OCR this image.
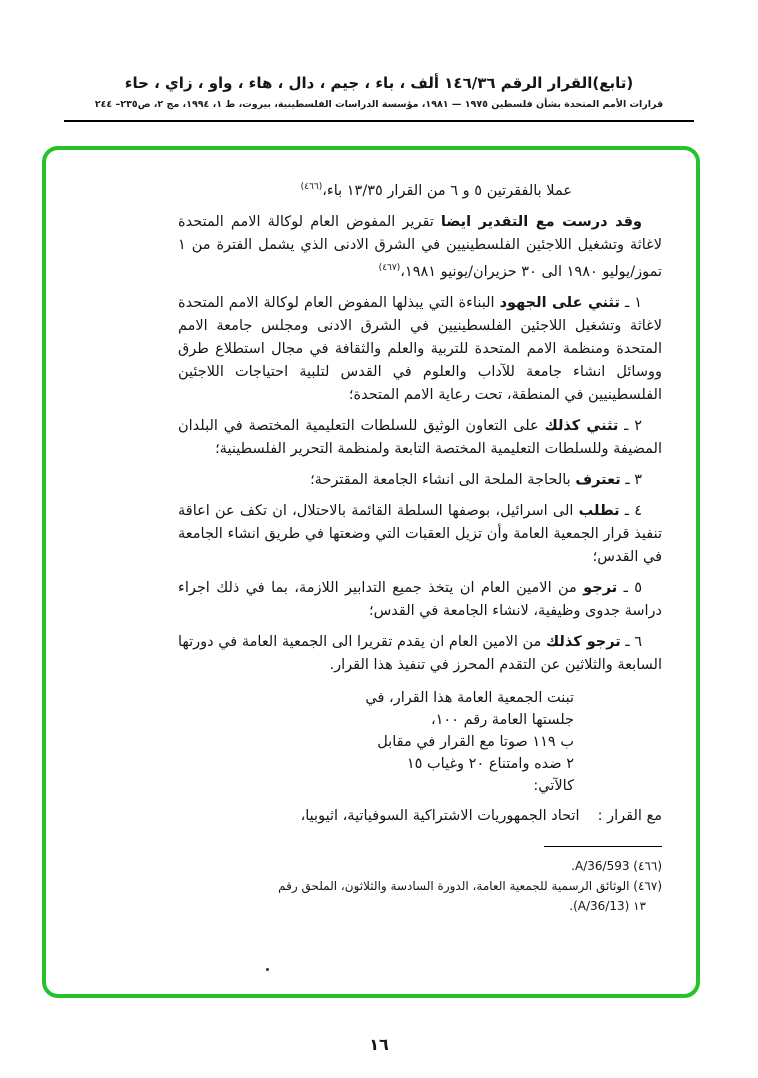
(تابع)القرار الرقم ١٤٦/٣٦ ألف ، باء ، جيم ، دال ، هاء ، واو ، زاي ، حاء
قرارات الأمم المتحدة بشأن فلسطين ١٩٧٥ — ١٩٨١، مؤسسة الدراسات الفلسطينية، بيروت، ط ١، ١٩٩٤، مج ٢، ص٢٣٥– ٢٤٤

عملا بالفقرتين ٥ و ٦ من القرار ١٣/٣٥ باء،$^{(٤٦٦)}$

وقد درست مع التقدير ايضا تقرير المفوض العام لوكالة الامم المتحدة لاغاثة وتشغيل اللاجئين الفلسطينيين في الشرق الادنى الذي يشمل الفترة من ١ تموز/يوليو ١٩٨٠ الى ٣٠ حزيران/يونيو ١٩٨١،$^{(٤٦٧)}$

١ ـ تثني على الجهود البناءة التي يبذلها المفوض العام لوكالة الامم المتحدة لاغاثة وتشغيل اللاجئين الفلسطينيين في الشرق الادنى ومجلس جامعة الامم المتحدة ومنظمة الامم المتحدة للتربية والعلم والثقافة في مجال استطلاع طرق ووسائل انشاء جامعة للآداب والعلوم في القدس لتلبية احتياجات اللاجئين الفلسطينيين في المنطقة، تحت رعاية الامم المتحدة؛

٢ ـ تثني كذلك على التعاون الوثيق للسلطات التعليمية المختصة في البلدان المضيفة وللسلطات التعليمية المختصة التابعة ولمنظمة التحرير الفلسطينية؛

٣ ـ تعترف بالحاجة الملحة الى انشاء الجامعة المقترحة؛

٤ ـ تطلب الى اسرائيل، بوصفها السلطة القائمة بالاحتلال، ان تكف عن اعاقة تنفيذ قرار الجمعية العامة وأن تزيل العقبات التي وضعتها في طريق انشاء الجامعة في القدس؛

٥ ـ ترجو من الامين العام ان يتخذ جميع التدابير اللازمة، بما في ذلك اجراء دراسة جدوى وظيفية، لانشاء الجامعة في القدس؛

٦ ـ ترجو كذلك من الامين العام ان يقدم تقريرا الى الجمعية العامة في دورتها السابعة والثلاثين عن التقدم المحرز في تنفيذ هذا القرار.

تبنت الجمعية العامة هذا القرار، في
جلستها العامة رقم ١٠٠،
ب ١١٩ صوتا مع القرار في مقابل
٢ ضده وامتناع ٢٠ وغياب ١٥
كالآتي:

مع القرار :اتحاد الجمهوريات الاشتراكية السوفياتية، اثيوبيا،

(٤٦٦) A/36/593.
(٤٦٧) الوثائق الرسمية للجمعية العامة، الدورة السادسة والثلاثون، الملحق رقم
١٣ (A/36/13).
١٦
